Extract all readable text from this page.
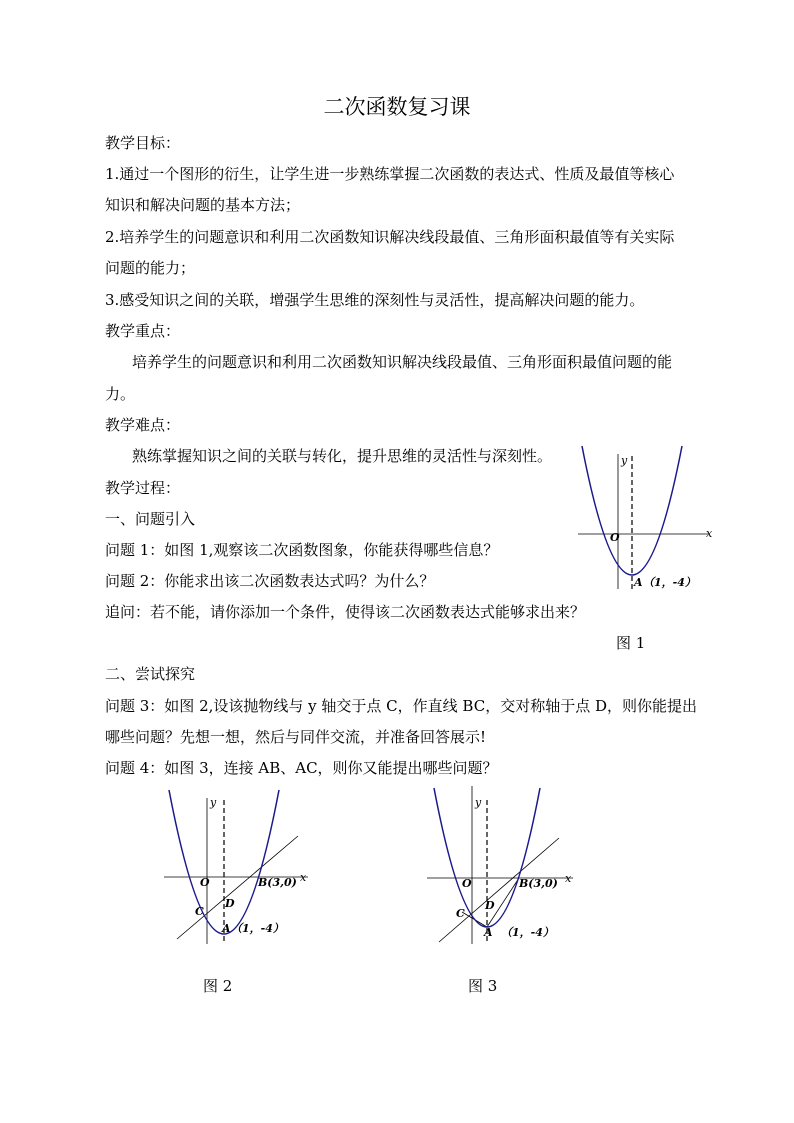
二次函数复习课
教学目标：
1.通过一个图形的衍生，让学生进一步熟练掌握二次函数的表达式、性质及最值等核心
知识和解决问题的基本方法；
2.培养学生的问题意识和利用二次函数知识解决线段最值、三角形面积最值等有关实际
问题的能力；
3.感受知识之间的关联，增强学生思维的深刻性与灵活性，提高解决问题的能力。
教学重点：
培养学生的问题意识和利用二次函数知识解决线段最值、三角形面积最值问题的能
力。
教学难点：
熟练掌握知识之间的关联与转化，提升思维的灵活性与深刻性。
教学过程：
一、问题引入
问题 1：如图 1,观察该二次函数图象，你能获得哪些信息？
问题 2：你能求出该二次函数表达式吗？为什么？
追问：若不能，请你添加一个条件，使得该二次函数表达式能够求出来？
二、尝试探究
问题 3：如图 2,设该抛物线与 y 轴交于点 C，作直线 BC，交对称轴于点 D，则你能提出
哪些问题？先想一想，然后与同伴交流，并准备回答展示!
问题 4：如图 3，连接 AB、AC，则你又能提出哪些问题？
x
y
O
A （1，-4）
图 1
x
y
O	B(3,0)
C
D
A （1，-4）
图 2
x
y
O	B(3,0)
C
D
A （1，-4）
图 3
